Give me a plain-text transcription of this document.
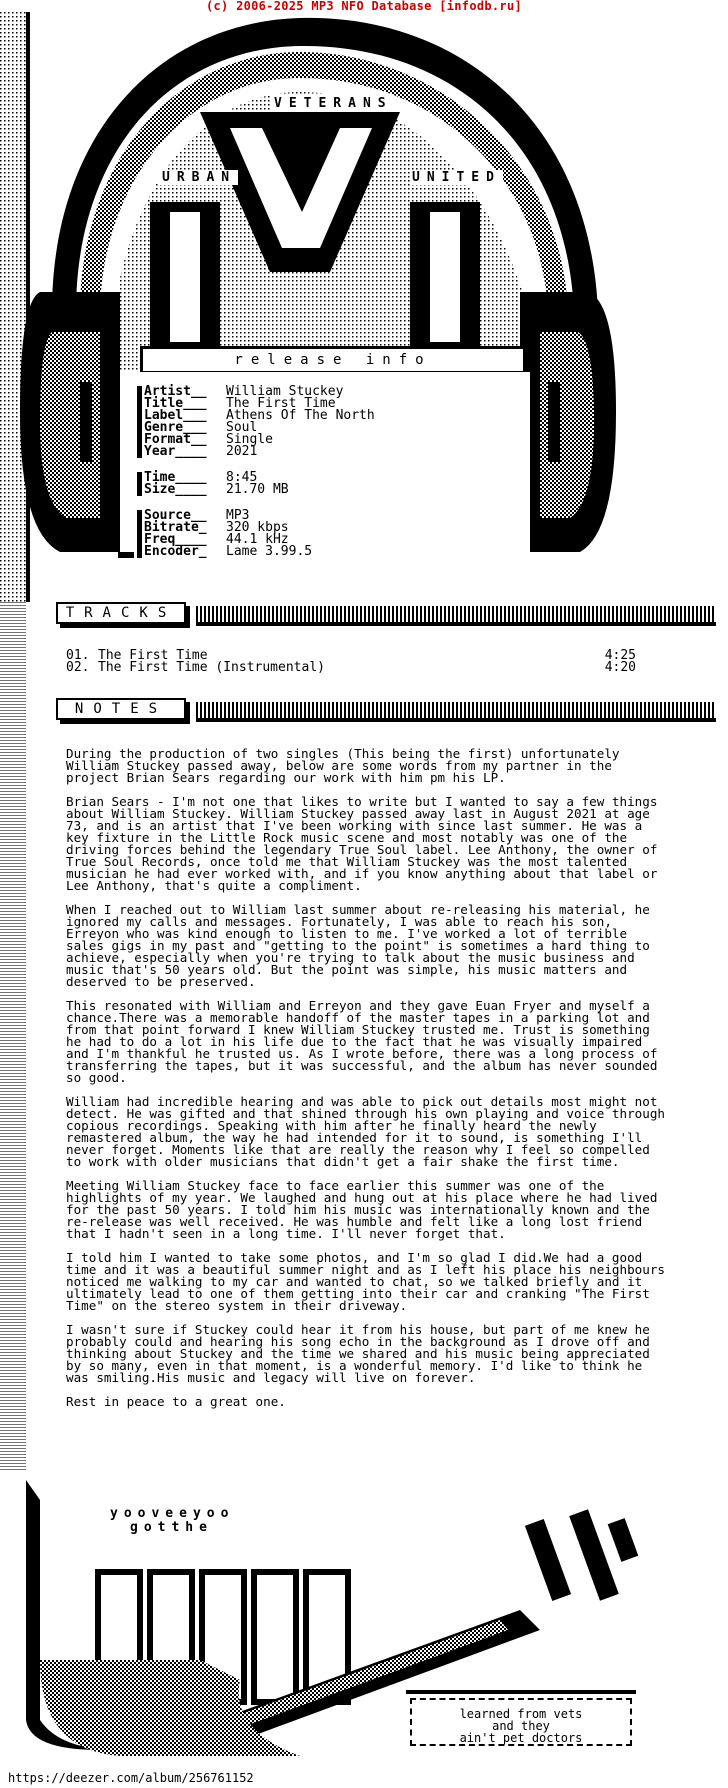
(c) 2006-2025 MP3 NFO Database [infodb.ru]
VETERANS
URBAN	UNITED
release info
Artist__	William Stuckey
Title___	The First Time
Label___	Athens Of The North
Genre___	Soul
Format__	Single
Year____	2021
Time____	8:45
Size____	21.70 MB
Source__	MP3
Bitrate_	320 kbps
Freq____	44.1 kHz
Encoder_	Lame 3.99.5
TRACKS
01. The First Time	4:25
02. The First Time (Instrumental)	4:20
NOTES

During the production of two singles (This being the first) unfortunately William Stuckey passed away, below are some words from my partner in the project Brian Sears regarding our work with him pm his LP.

Brian Sears - I'm not one that likes to write but I wanted to say a few things about William Stuckey. William Stuckey passed away last in August 2021 at age 73, and is an artist that I've been working with since last summer. He was a key fixture in the Little Rock music scene and most notably was one of the driving forces behind the legendary True Soul label. Lee Anthony, the owner of True Soul Records, once told me that William Stuckey was the most talented musician he had ever worked with, and if you know anything about that label or Lee Anthony, that's quite a compliment.

When I reached out to William last summer about re-releasing his material, he ignored my calls and messages. Fortunately, I was able to reach his son, Erreyon who was kind enough to listen to me. I've worked a lot of terrible sales gigs in my past and "getting to the point" is sometimes a hard thing to achieve, especially when you're trying to talk about the music business and music that's 50 years old. But the point was simple, his music matters and deserved to be preserved.

This resonated with William and Erreyon and they gave Euan Fryer and myself a chance.There was a memorable handoff of the master tapes in a parking lot and from that point forward I knew William Stuckey trusted me. Trust is something he had to do a lot in his life due to the fact that he was visually impaired and I'm thankful he trusted us. As I wrote before, there was a long process of transferring the tapes, but it was successful, and the album has never sounded so good.

William had incredible hearing and was able to pick out details most might not detect. He was gifted and that shined through his own playing and voice through copious recordings. Speaking with him after he finally heard the newly remastered album, the way he had intended for it to sound, is something I'll never forget. Moments like that are really the reason why I feel so compelled to work with older musicians that didn't get a fair shake the first time.

Meeting William Stuckey face to face earlier this summer was one of the highlights of my year. We laughed and hung out at his place where he had lived for the past 50 years. I told him his music was internationally known and the re-release was well received. He was humble and felt like a long lost friend that I hadn't seen in a long time. I'll never forget that.

I told him I wanted to take some photos, and I'm so glad I did.We had a good time and it was a beautiful summer night and as I left his place his neighbours noticed me walking to my car and wanted to chat, so we talked briefly and it ultimately lead to one of them getting into their car and cranking "The First Time" on the stereo system in their driveway.

I wasn't sure if Stuckey could hear it from his house, but part of me knew he probably could and hearing his song echo in the background as I drove off and thinking about Stuckey and the time we shared and his music being appreciated by so many, even in that moment, is a wonderful memory. I'd like to think he was smiling.His music and legacy will live on forever.

Rest in peace to a great one.

yooveeyoo
gotthe
learned from vets
and they
ain't pet doctors
https://deezer.com/album/256761152
